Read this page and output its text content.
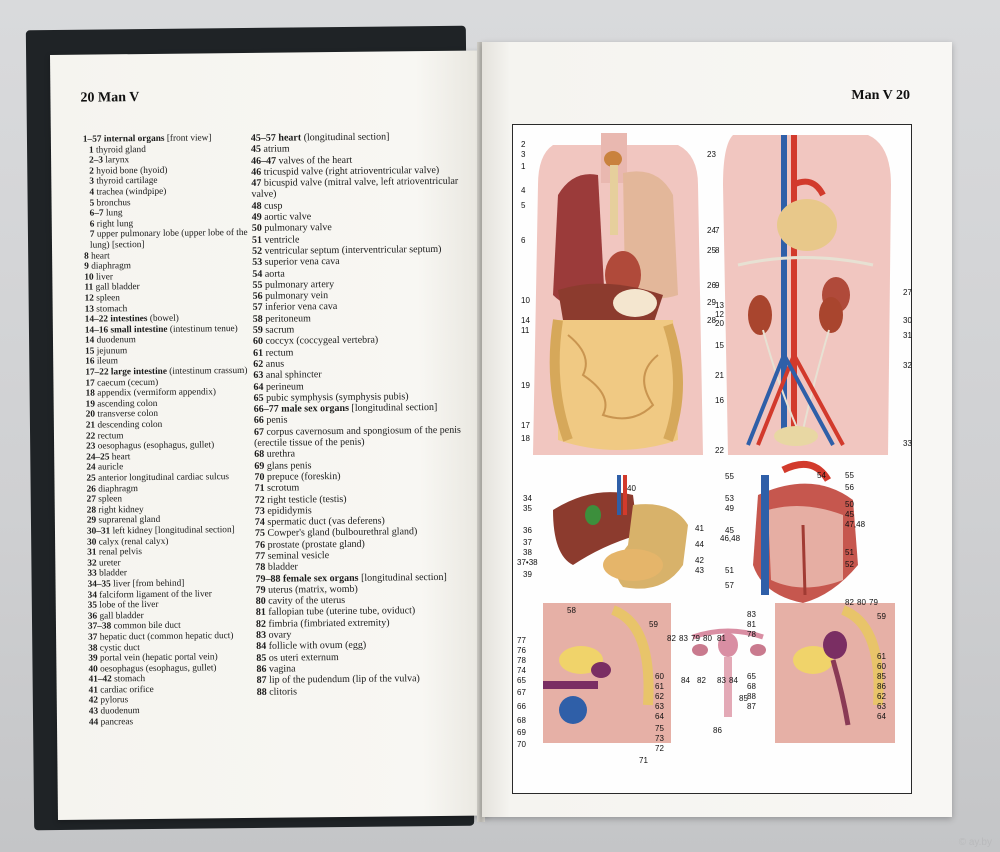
20 Man V

1–57 internal organs [front view]

1 thyroid gland

2–3 larynx

2 hyoid bone (hyoid)

3 thyroid cartilage

4 trachea (windpipe)

5 bronchus

6–7 lung

6 right lung

7 upper pulmonary lobe (upper lobe of the lung) [section]

8 heart

9 diaphragm

10 liver

11 gall bladder

12 spleen

13 stomach

14–22 intestines (bowel)

14–16 small intestine (intestinum tenue)

14 duodenum

15 jejunum

16 ileum

17–22 large intestine (intestinum crassum)

17 caecum (cecum)

18 appendix (vermiform appendix)

19 ascending colon

20 transverse colon

21 descending colon

22 rectum

23 oesophagus (esophagus, gullet)

24–25 heart

24 auricle

25 anterior longitudinal cardiac sulcus

26 diaphragm

27 spleen

28 right kidney

29 suprarenal gland

30–31 left kidney [longitudinal section]

30 calyx (renal calyx)

31 renal pelvis

32 ureter

33 bladder

34–35 liver [from behind]

34 falciform ligament of the liver

35 lobe of the liver

36 gall bladder

37–38 common bile duct

37 hepatic duct (common hepatic duct)

38 cystic duct

39 portal vein (hepatic portal vein)

40 oesophagus (esophagus, gullet)

41–42 stomach

41 cardiac orifice

42 pylorus

43 duodenum

44 pancreas

45–57 heart (longitudinal section]

45 atrium

46–47 valves of the heart

46 tricuspid valve (right atrioventricular valve)

47 bicuspid valve (mitral valve, left atrioventricular valve)

48 cusp

49 aortic valve

50 pulmonary valve

51 ventricle

52 ventricular septum (interventricular septum)

53 superior vena cava

54 aorta

55 pulmonary artery

56 pulmonary vein

57 inferior vena cava

58 peritoneum

59 sacrum

60 coccyx (coccygeal vertebra)

61 rectum

62 anus

63 anal sphincter

64 perineum

65 pubic symphysis (symphysis pubis)

66–77 male sex organs [longitudinal section]

66 penis

67 corpus cavernosum and spongiosum of the penis (erectile tissue of the penis)

68 urethra

69 glans penis

70 prepuce (foreskin)

71 scrotum

72 right testicle (testis)

73 epididymis

74 spermatic duct (vas deferens)

75 Cowper's gland (bulbourethral gland)

76 prostate (prostate gland)

77 seminal vesicle

78 bladder

79–88 female sex organs [longitudinal section]

79 uterus (matrix, womb)

80 cavity of the uterus

81 fallopian tube (uterine tube, oviduct)

82 fimbria (fimbriated extremity)

83 ovary

84 follicle with ovum (egg)

85 os uteri externum

86 vagina

87 lip of the pudendum (lip of the vulva)

88 clitoris

Man V 20
2
3
1
4
5
6
7
8
9
10
13
12
14
11
20
15
19
21
16
17
18
22
23
24
25
26
27
29
28	30
31
32
33
34
35
36
37
38
37•38
39
40
41
44
42
43
55	54 55
56
53
49	50
45
47,48
45
46,48
51
52
51
57
58
59
77
76
78
74
65
67
66
68
69
70
60
61
62
63
64
75
73
72
71
82 83 79 80 81
84 82 83 84
85
86
82 80 79
83
81
78
59
65
68
88
87
61
60
85
86
62
63
64
© ay.by
